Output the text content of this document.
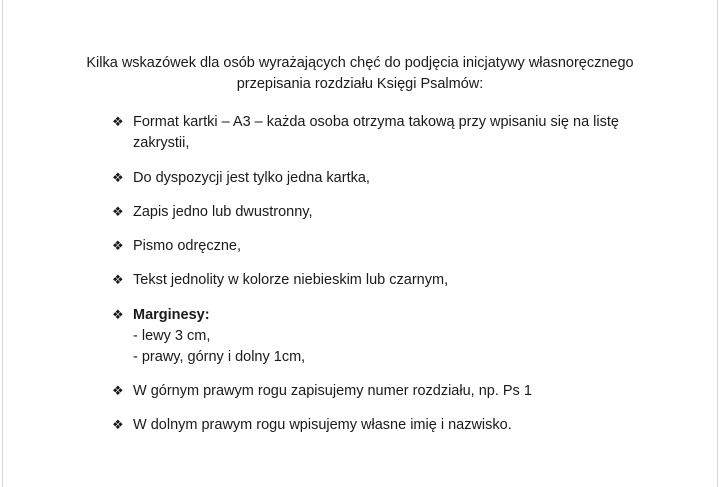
Kilka wskazówek dla osób wyrażających chęć do podjęcia inicjatywy własnoręcznego
przepisania rozdziału Księgi Psalmów:
❖ Format kartki – A3 – każda osoba otrzyma takową przy wpisaniu się na listę
zakrystii,
❖ Do dyspozycji jest tylko jedna kartka,
❖ Zapis jedno lub dwustronny,
❖ Pismo odręczne,
❖ Tekst jednolity w kolorze niebieskim lub czarnym,
❖ Marginesy:
- lewy 3 cm,
- prawy, górny i dolny 1cm,
❖ W górnym prawym rogu zapisujemy numer rozdziału, np. Ps 1
❖ W dolnym prawym rogu wpisujemy własne imię i nazwisko.
